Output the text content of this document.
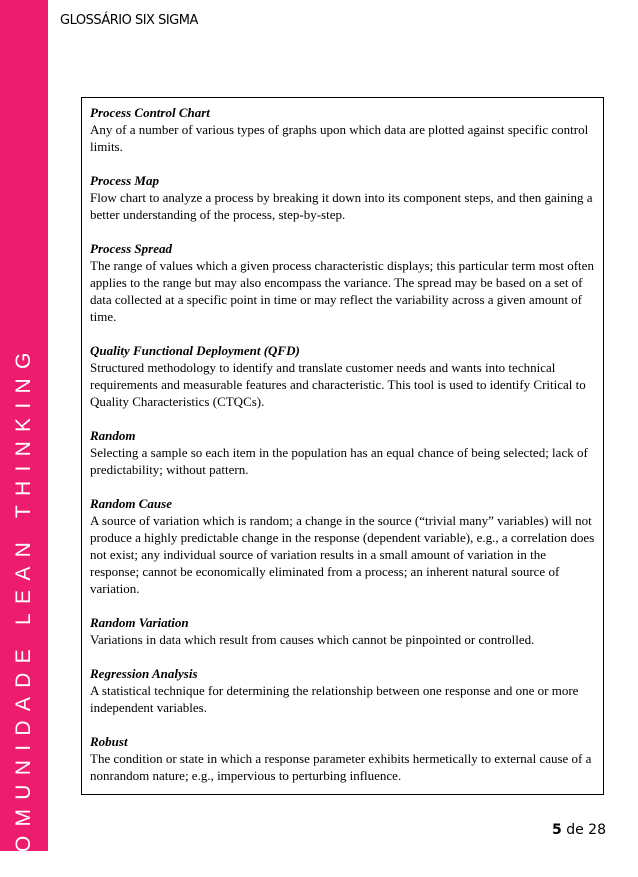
COMUNIDADE LEAN THINKING
GLOSSÁRIO SIX SIGMA
Process Control Chart
Any of a number of various types of graphs upon which data are plotted against specific control limits.
Process Map
Flow chart to analyze a process by breaking it down into its component steps, and then gaining a better understanding of the process, step-by-step.
Process Spread
The range of values which a given process characteristic displays; this particular term most often applies to the range but may also encompass the variance. The spread may be based on a set of data collected at a specific point in time or may reflect the variability across a given amount of time.
Quality Functional Deployment (QFD)
Structured methodology to identify and translate customer needs and wants into technical requirements and measurable features and characteristic. This tool is used to identify Critical to Quality Characteristics (CTQCs).
Random
Selecting a sample so each item in the population has an equal chance of being selected; lack of predictability; without pattern.
Random Cause
A source of variation which is random; a change in the source (“trivial many” variables) will not produce a highly predictable change in the response (dependent variable), e.g., a correlation does not exist; any individual source of variation results in a small amount of variation in the response; cannot be economically eliminated from a process; an inherent natural source of variation.
Random Variation
Variations in data which result from causes which cannot be pinpointed or controlled.
Regression Analysis
A statistical technique for determining the relationship between one response and one or more independent variables.
Robust
The condition or state in which a response parameter exhibits hermetically to external cause of a nonrandom nature; e.g., impervious to perturbing influence.
5 de 28
